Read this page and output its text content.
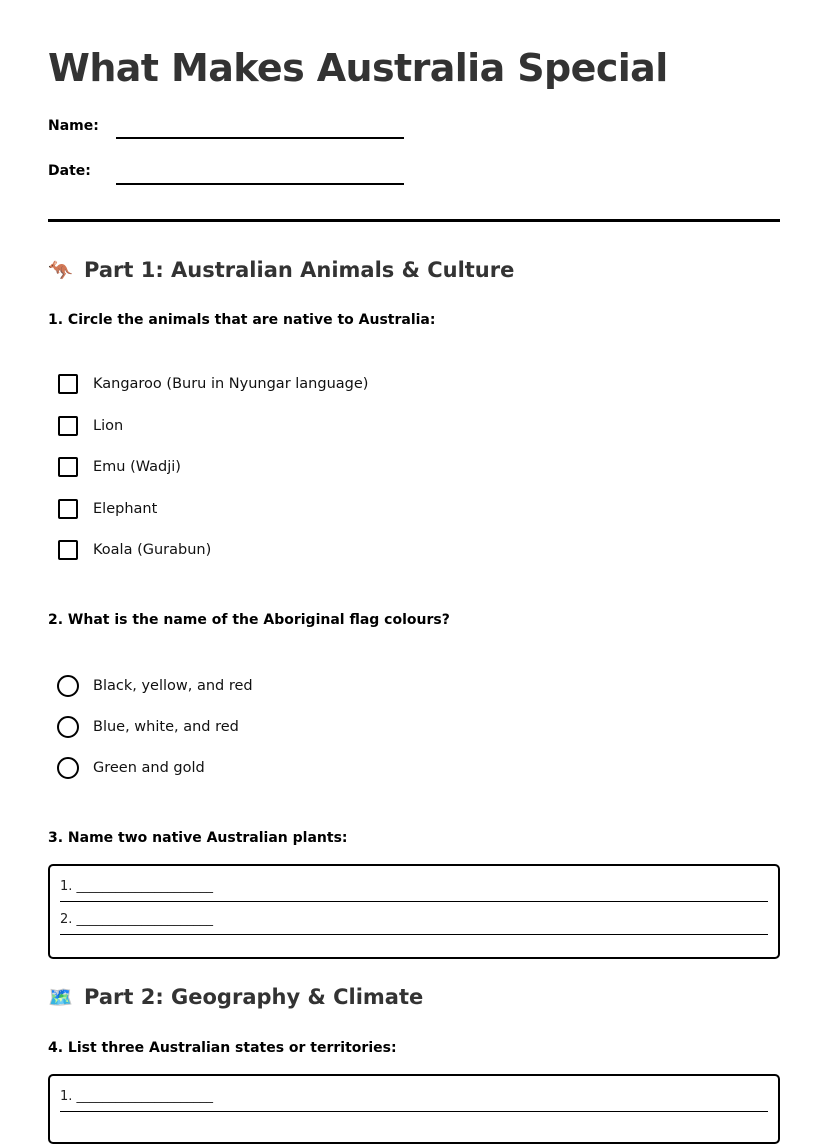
What Makes Australia Special
Name:
Date:
🦘 Part 1: Australian Animals & Culture

1. Circle the animals that are native to Australia:

Kangaroo (Buru in Nyungar language)
Lion
Emu (Wadji)
Elephant
Koala (Gurabun)

2. What is the name of the Aboriginal flag colours?

Black, yellow, and red
Blue, white, and red
Green and gold

3. Name two native Australian plants:

1. _____________________
2. _____________________
🗺️ Part 2: Geography & Climate

4. List three Australian states or territories:

1. _____________________
